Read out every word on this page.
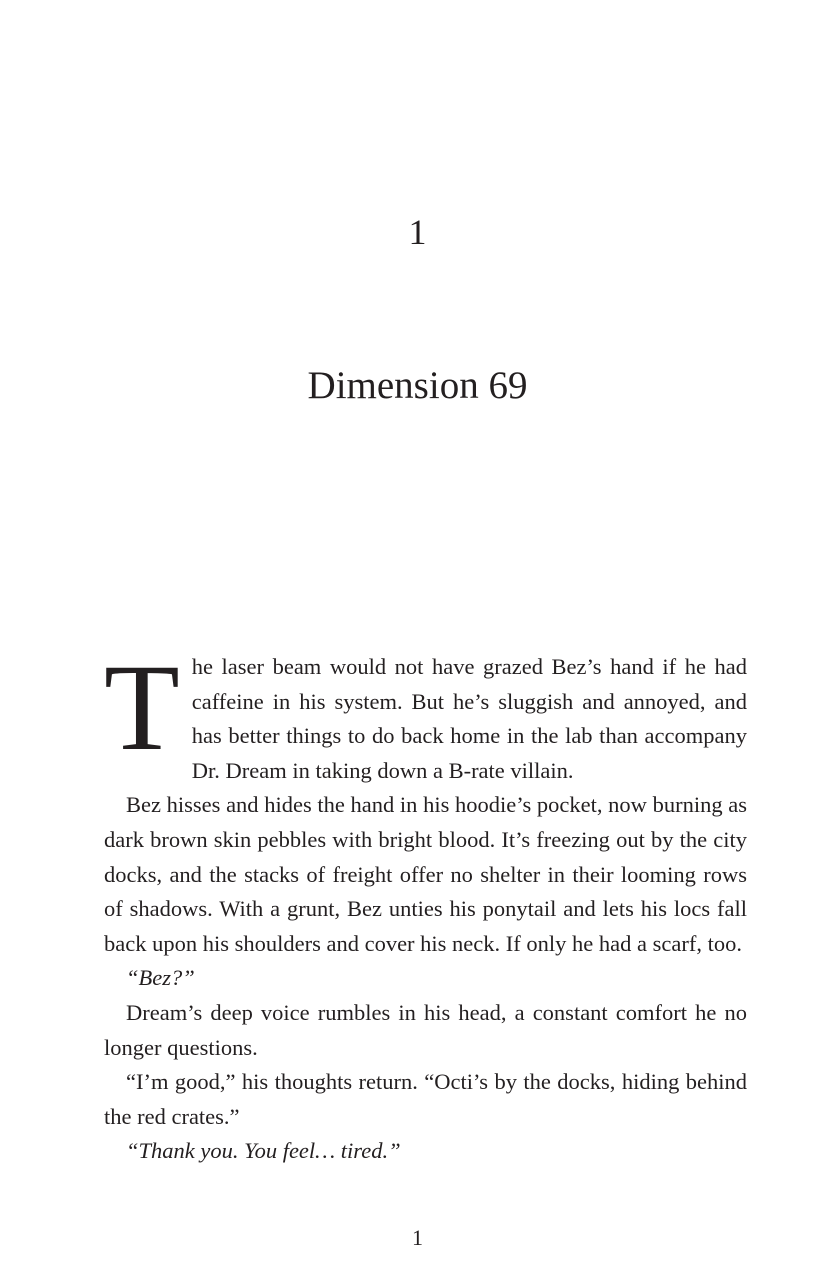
1
Dimension 69

The laser beam would not have grazed Bez’s hand if he had caffeine in his system. But he’s sluggish and annoyed, and has better things to do back home in the lab than accompany Dr. Dream in taking down a B-rate villain.

Bez hisses and hides the hand in his hoodie’s pocket, now burning as dark brown skin pebbles with bright blood. It’s freezing out by the city docks, and the stacks of freight offer no shelter in their looming rows of shadows. With a grunt, Bez unties his ponytail and lets his locs fall back upon his shoulders and cover his neck. If only he had a scarf, too.

“Bez?”

Dream’s deep voice rumbles in his head, a constant comfort he no longer questions.

“I’m good,” his thoughts return. “Octi’s by the docks, hiding behind the red crates.”

“Thank you. You feel… tired.”

1
